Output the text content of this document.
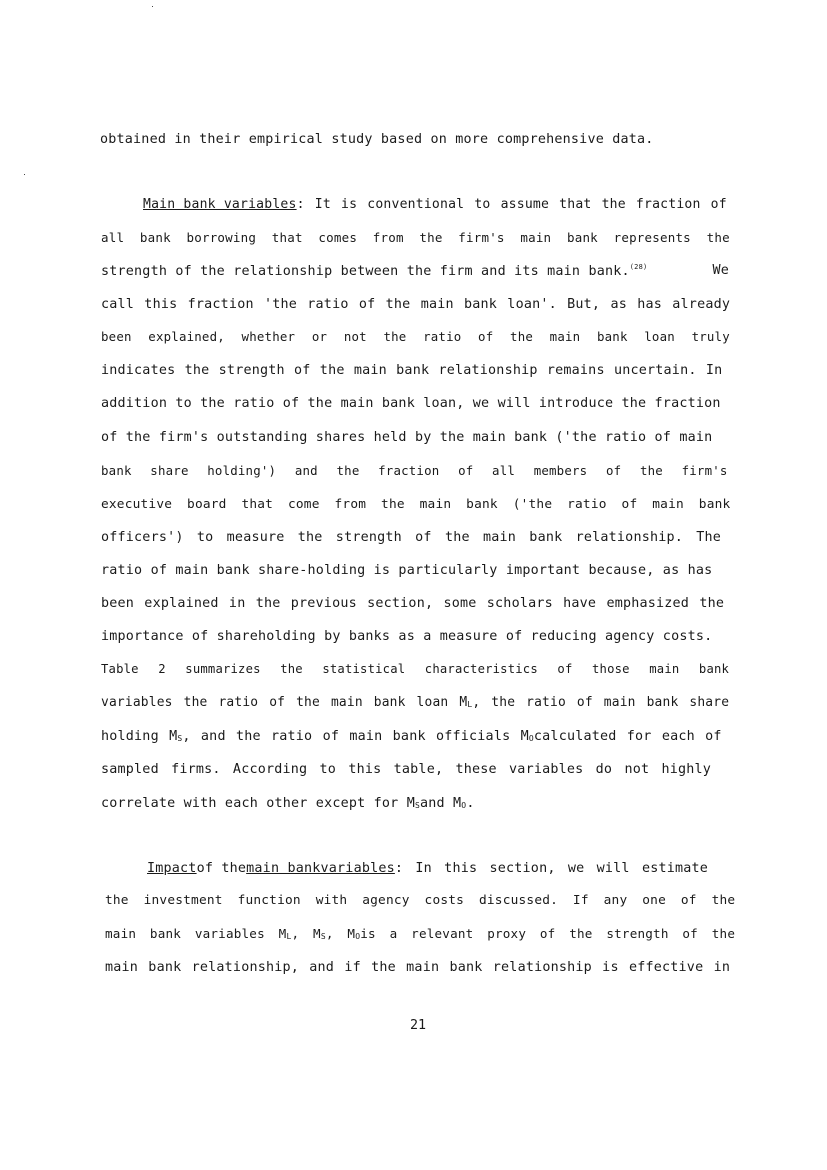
obtained in their empirical study based on more comprehensive data.
Main bank variables : It is conventional to assume that the fraction of
all bank borrowing that comes from the firm's main bank represents the
strength of the relationship between the firm and its main bank.$^{(28)}$	We
call this fraction 'the ratio of the main bank loan'. But, as has already
been explained, whether or not the ratio of the main bank loan truly
indicates the strength of the main bank relationship remains uncertain. In
addition to the ratio of the main bank loan, we will introduce the fraction
of the firm's outstanding shares held by the main bank ('the ratio of main
bank share holding') and the fraction of all members of the firm's
executive board that come from the main bank ('the ratio of main bank
officers') to measure the strength of the main bank relationship. The
ratio of main bank share-holding is particularly important because, as has
been explained in the previous section, some scholars have emphasized the
importance of shareholding by banks as a measure of reducing agency costs.
Table 2 summarizes the statistical characteristics of those main bank
variables the ratio of the main bank loan $M_L$, the ratio of main bank share
holding $M_S$, and the ratio of main bank officials $M_Ocalculated$ for each of
sampled firms. According to this table, these variables do not highly
correlate with each other except for $M_Sand$ $M_O$.
Impactof themain bankvariables : In this section, we will estimate
the investment function with agency costs discussed. If any one of the
main bank variables $M_L$, $M_S$, $M_Ois$ a relevant proxy of the strength of the
main bank relationship, and if the main bank relationship is effective in
21
